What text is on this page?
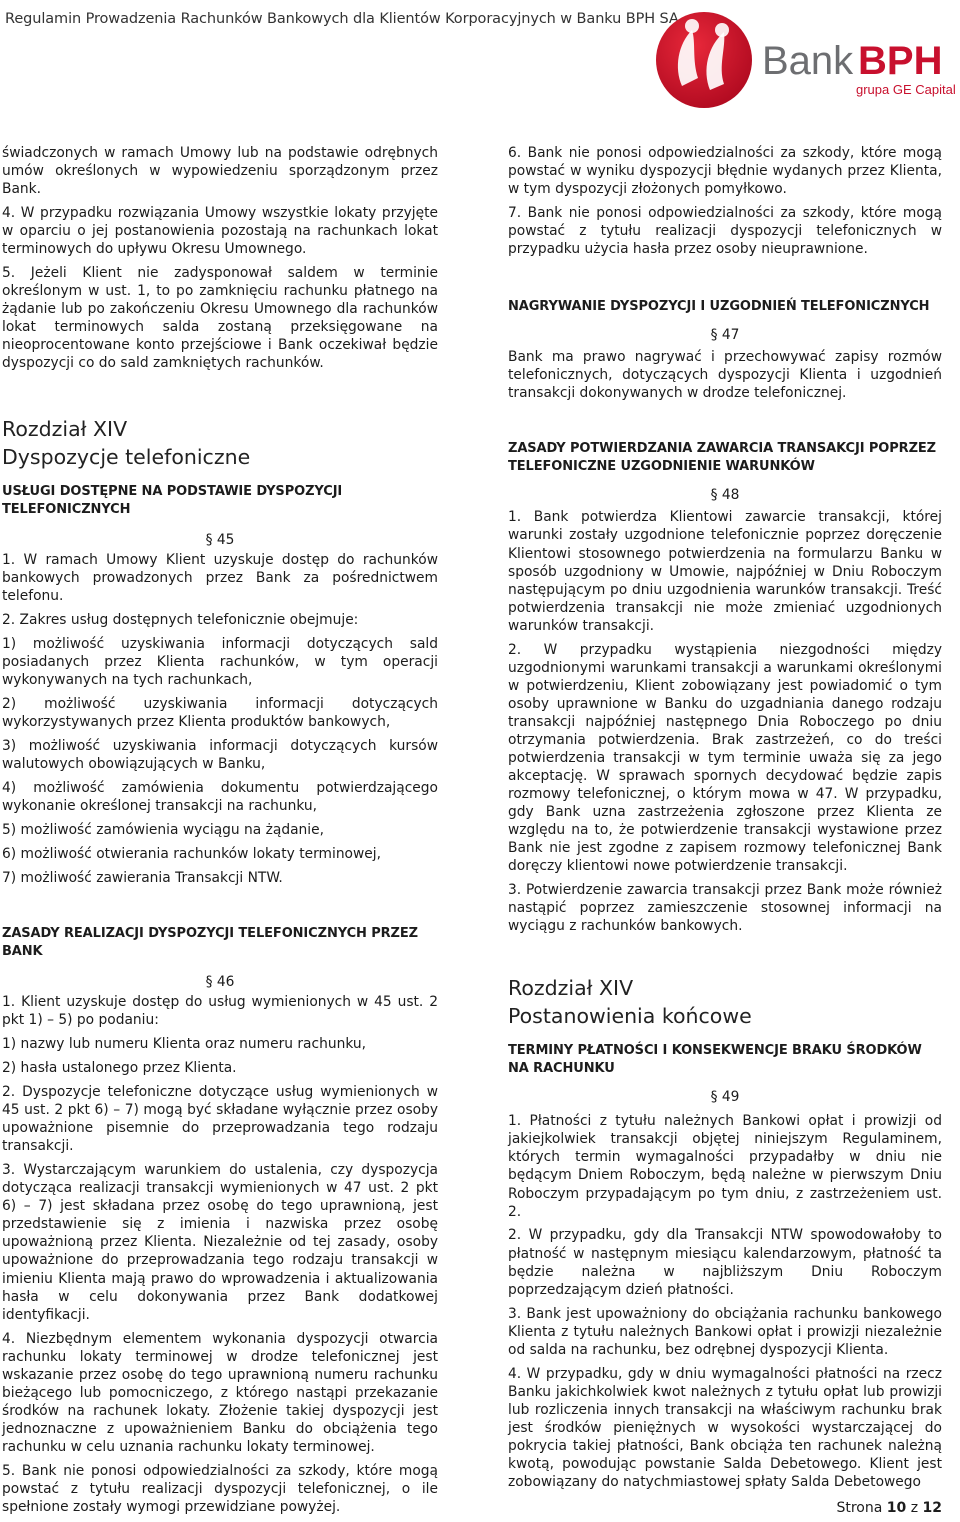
Regulamin Prowadzenia Rachunków Bankowych dla Klientów Korporacyjnych w Banku BPH SA
Bank BPH
grupa GE Capital

świadczonych w ramach Umowy lub na podstawie odrębnych umów określonych w wypowiedzeniu sporządzonym przez Bank.

4. W przypadku rozwiązania Umowy wszystkie lokaty przyjęte w oparciu o jej postanowienia pozostają na rachunkach lokat terminowych do upływu Okresu Umownego.

5. Jeżeli Klient nie zadysponował saldem w terminie określonym w ust. 1, to po zamknięciu rachunku płatnego na żądanie lub po zakończeniu Okresu Umownego dla rachunków lokat terminowych salda zostaną przeksięgowane na nieoprocentowane konto przejściowe i Bank oczekiwał będzie dyspozycji co do sald zamkniętych rachunków.

Rozdział XIV
Dyspozycje telefoniczne
USŁUGI DOSTĘPNE NA PODSTAWIE DYSPOZYCJI TELEFONICZNYCH
§ 45

1. W ramach Umowy Klient uzyskuje dostęp do rachunków bankowych prowadzonych przez Bank za pośrednictwem telefonu.

2. Zakres usług dostępnych telefonicznie obejmuje:

1) możliwość uzyskiwania informacji dotyczących sald posiadanych przez Klienta rachunków, w tym operacji wykonywanych na tych rachunkach,

2) możliwość uzyskiwania informacji dotyczących wykorzystywanych przez Klienta produktów bankowych,

3) możliwość uzyskiwania informacji dotyczących kursów walutowych obowiązujących w Banku,

4) możliwość zamówienia dokumentu potwierdzającego wykonanie określonej transakcji na rachunku,

5) możliwość zamówienia wyciągu na żądanie,

6) możliwość otwierania rachunków lokaty terminowej,

7) możliwość zawierania Transakcji NTW.

ZASADY REALIZACJI DYSPOZYCJI TELEFONICZNYCH PRZEZ BANK
§ 46

1. Klient uzyskuje dostęp do usług wymienionych w 45 ust. 2 pkt 1) – 5) po podaniu:

1) nazwy lub numeru Klienta oraz numeru rachunku,

2) hasła ustalonego przez Klienta.

2. Dyspozycje telefoniczne dotyczące usług wymienionych w 45 ust. 2 pkt 6) – 7) mogą być składane wyłącznie przez osoby upoważnione pisemnie do przeprowadzania tego rodzaju transakcji.

3. Wystarczającym warunkiem do ustalenia, czy dyspozycja dotycząca realizacji transakcji wymienionych w 47 ust. 2 pkt 6) – 7) jest składana przez osobę do tego uprawnioną, jest przedstawienie się z imienia i nazwiska przez osobę upoważnioną przez Klienta. Niezależnie od tej zasady, osoby upoważnione do przeprowadzania tego rodzaju transakcji w imieniu Klienta mają prawo do wprowadzenia i aktualizowania hasła w celu dokonywania przez Bank dodatkowej identyfikacji.

4. Niezbędnym elementem wykonania dyspozycji otwarcia rachunku lokaty terminowej w drodze telefonicznej jest wskazanie przez osobę do tego uprawnioną numeru rachunku bieżącego lub pomocniczego, z którego nastąpi przekazanie środków na rachunek lokaty. Złożenie takiej dyspozycji jest jednoznaczne z upoważnieniem Banku do obciążenia tego rachunku w celu uznania rachunku lokaty terminowej.

5. Bank nie ponosi odpowiedzialności za szkody, które mogą powstać z tytułu realizacji dyspozycji telefonicznej, o ile spełnione zostały wymogi przewidziane powyżej.

6. Bank nie ponosi odpowiedzialności za szkody, które mogą powstać w wyniku dyspozycji błędnie wydanych przez Klienta, w tym dyspozycji złożonych pomyłkowo.

7. Bank nie ponosi odpowiedzialności za szkody, które mogą powstać z tytułu realizacji dyspozycji telefonicznych w przypadku użycia hasła przez osoby nieuprawnione.

NAGRYWANIE DYSPOZYCJI I UZGODNIEŃ TELEFONICZNYCH
§ 47

Bank ma prawo nagrywać i przechowywać zapisy rozmów telefonicznych, dotyczących dyspozycji Klienta i uzgodnień transakcji dokonywanych w drodze telefonicznej.

ZASADY POTWIERDZANIA ZAWARCIA TRANSAKCJI POPRZEZ TELEFONICZNE UZGODNIENIE WARUNKÓW
§ 48

1. Bank potwierdza Klientowi zawarcie transakcji, której warunki zostały uzgodnione telefonicznie poprzez doręczenie Klientowi stosownego potwierdzenia na formularzu Banku w sposób uzgodniony w Umowie, najpóźniej w Dniu Roboczym następującym po dniu uzgodnienia warunków transakcji. Treść potwierdzenia transakcji nie może zmieniać uzgodnionych warunków transakcji.

2. W przypadku wystąpienia niezgodności między uzgodnionymi warunkami transakcji a warunkami określonymi w potwierdzeniu, Klient zobowiązany jest powiadomić o tym osoby uprawnione w Banku do uzgadniania danego rodzaju transakcji najpóźniej następnego Dnia Roboczego po dniu otrzymania potwierdzenia. Brak zastrzeżeń, co do treści potwierdzenia transakcji w tym terminie uważa się za jego akceptację. W sprawach spornych decydować będzie zapis rozmowy telefonicznej, o którym mowa w 47. W przypadku, gdy Bank uzna zastrzeżenia zgłoszone przez Klienta ze względu na to, że potwierdzenie transakcji wystawione przez Bank nie jest zgodne z zapisem rozmowy telefonicznej Bank doręczy klientowi nowe potwierdzenie transakcji.

3. Potwierdzenie zawarcia transakcji przez Bank może również nastąpić poprzez zamieszczenie stosownej informacji na wyciągu z rachunków bankowych.

Rozdział XIV
Postanowienia końcowe
TERMINY PŁATNOŚCI I KONSEKWENCJE BRAKU ŚRODKÓW NA RACHUNKU
§ 49

1. Płatności z tytułu należnych Bankowi opłat i prowizji od jakiejkolwiek transakcji objętej niniejszym Regulaminem, których termin wymagalności przypadałby w dniu nie będącym Dniem Roboczym, będą należne w pierwszym Dniu Roboczym przypadającym po tym dniu, z zastrzeżeniem ust. 2.

2. W przypadku, gdy dla Transakcji NTW spowodowałoby to płatność w następnym miesiącu kalendarzowym, płatność ta będzie należna w najbliższym Dniu Roboczym poprzedzającym dzień płatności.

3. Bank jest upoważniony do obciążania rachunku bankowego Klienta z tytułu należnych Bankowi opłat i prowizji niezależnie od salda na rachunku, bez odrębnej dyspozycji Klienta.

4. W przypadku, gdy w dniu wymagalności płatności na rzecz Banku jakichkolwiek kwot należnych z tytułu opłat lub prowizji lub rozliczenia innych transakcji na właściwym rachunku brak jest środków pieniężnych w wysokości wystarczającej do pokrycia takiej płatności, Bank obciąża ten rachunek należną kwotą, powodując powstanie Salda Debetowego. Klient jest zobowiązany do natychmiastowej spłaty Salda Debetowego

Strona 10 z 12
